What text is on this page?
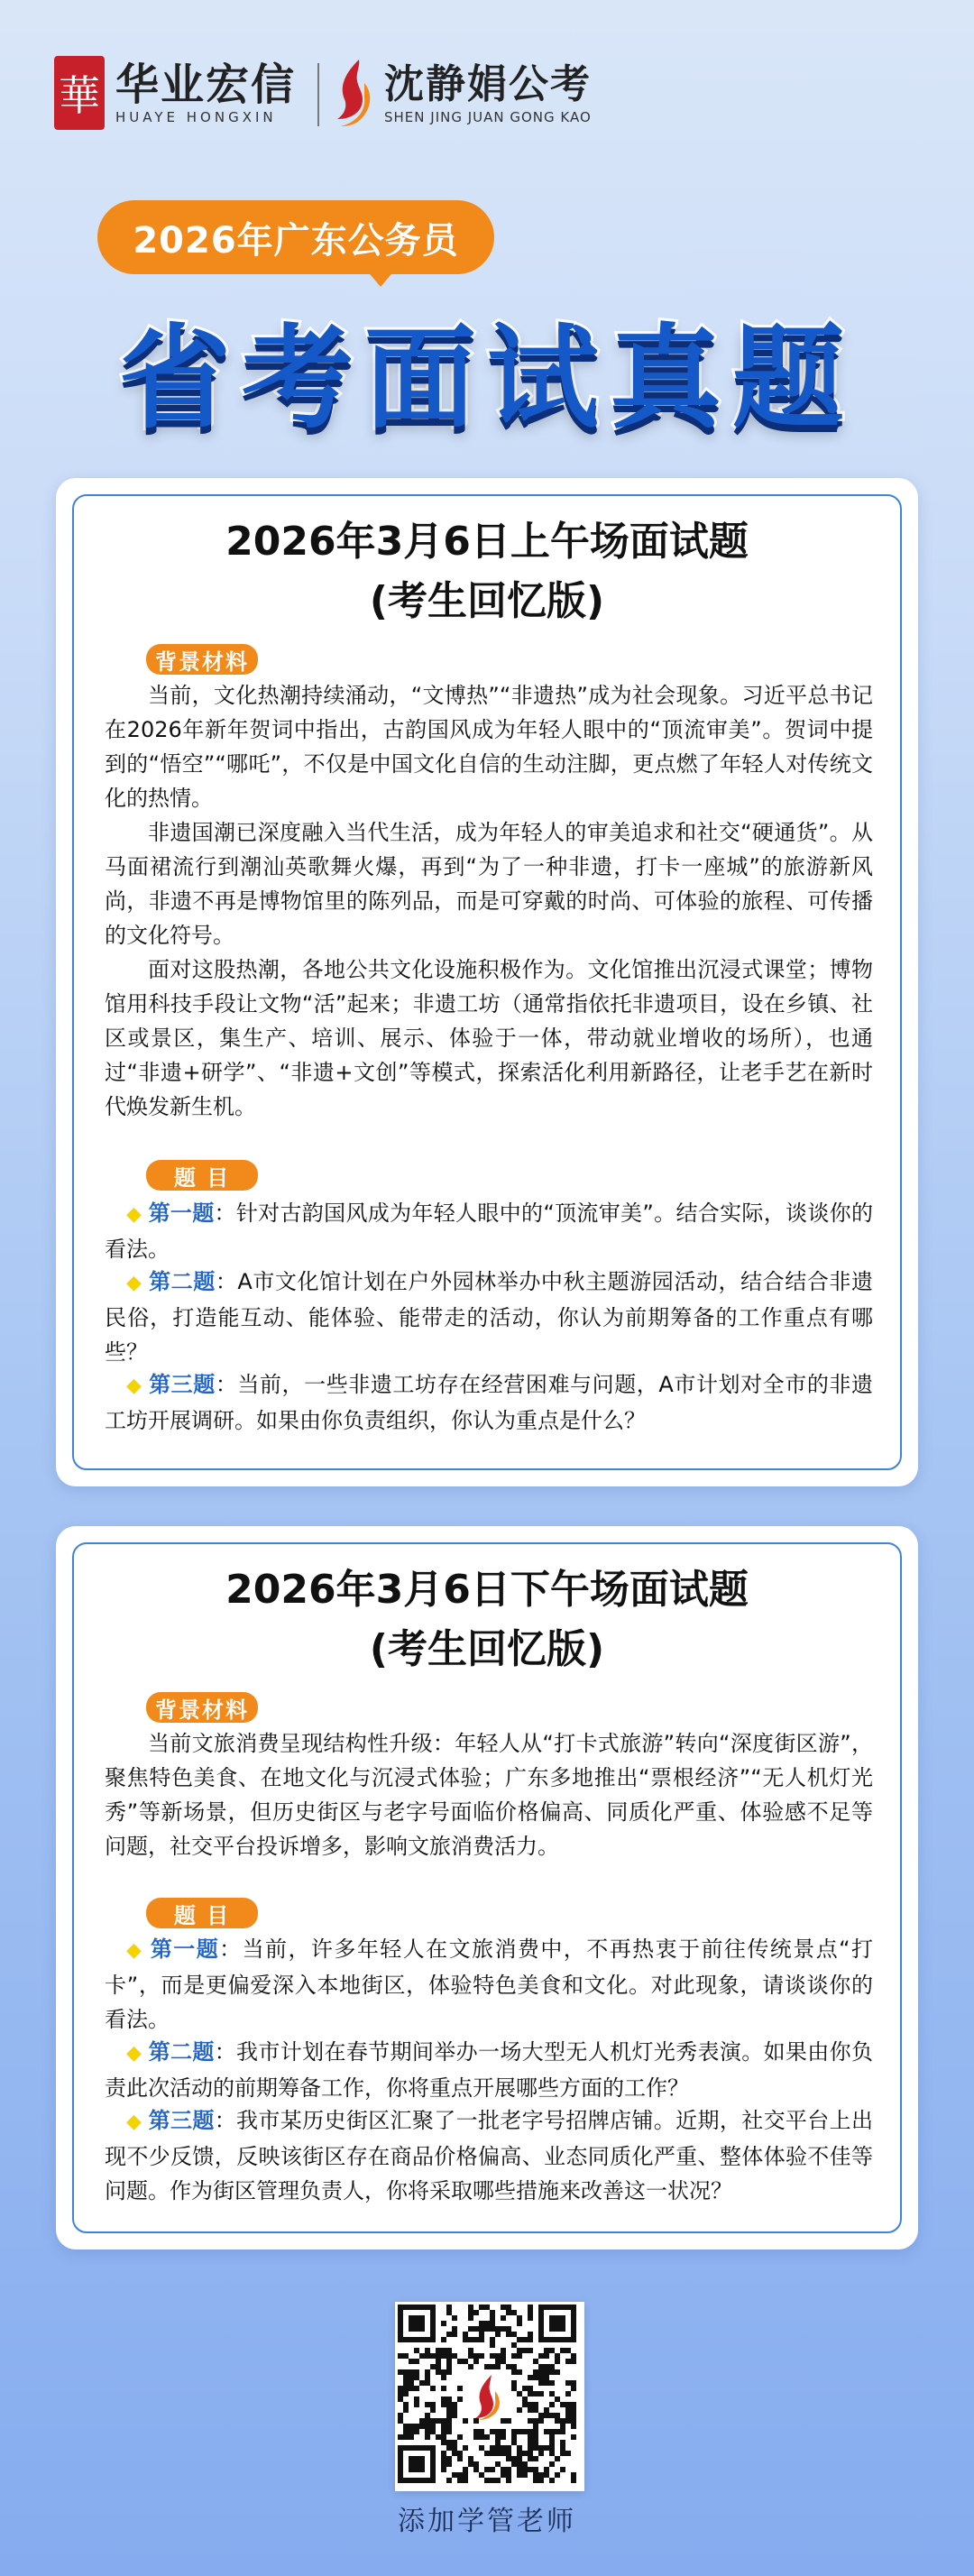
華 华业宏信
HUAYE HONGXIN
沈静娟公考
SHEN JING JUAN GONG KAO
2026年广东公务员
省考面试真题
2026年3月6日上午场面试题
(考生回忆版)
背景材料

当前，文化热潮持续涌动，“文博热”“非遗热”成为社会现象。习近平总书记在2026年新年贺词中指出，古韵国风成为年轻人眼中的“顶流审美”。贺词中提到的“悟空”“哪吒”，不仅是中国文化自信的生动注脚，更点燃了年轻人对传统文化的热情。

非遗国潮已深度融入当代生活，成为年轻人的审美追求和社交“硬通货”。从马面裙流行到潮汕英歌舞火爆，再到“为了一种非遗，打卡一座城”的旅游新风尚，非遗不再是博物馆里的陈列品，而是可穿戴的时尚、可体验的旅程、可传播的文化符号。

面对这股热潮，各地公共文化设施积极作为。文化馆推出沉浸式课堂；博物馆用科技手段让文物“活”起来；非遗工坊（通常指依托非遗项目，设在乡镇、社区或景区，集生产、培训、展示、体验于一体，带动就业增收的场所），也通过“非遗+研学”、“非遗+文创”等模式，探索活化利用新路径，让老手艺在新时代焕发新生机。

题 目

◆ 第一题：针对古韵国风成为年轻人眼中的“顶流审美”。结合实际，谈谈你的看法。

◆ 第二题：A市文化馆计划在户外园林举办中秋主题游园活动，结合结合非遗民俗，打造能互动、能体验、能带走的活动，你认为前期筹备的工作重点有哪些？

◆ 第三题：当前，一些非遗工坊存在经营困难与问题，A市计划对全市的非遗工坊开展调研。如果由你负责组织，你认为重点是什么？

2026年3月6日下午场面试题
(考生回忆版)
背景材料

当前文旅消费呈现结构性升级：年轻人从“打卡式旅游”转向“深度街区游”，聚焦特色美食、在地文化与沉浸式体验；广东多地推出“票根经济”“无人机灯光秀”等新场景，但历史街区与老字号面临价格偏高、同质化严重、体验感不足等问题，社交平台投诉增多，影响文旅消费活力。

题 目

◆ 第一题：当前，许多年轻人在文旅消费中，不再热衷于前往传统景点“打卡”，而是更偏爱深入本地街区，体验特色美食和文化。对此现象，请谈谈你的看法。

◆ 第二题：我市计划在春节期间举办一场大型无人机灯光秀表演。如果由你负责此次活动的前期筹备工作，你将重点开展哪些方面的工作？

◆ 第三题：我市某历史街区汇聚了一批老字号招牌店铺。近期，社交平台上出现不少反馈，反映该街区存在商品价格偏高、业态同质化严重、整体体验不佳等问题。作为街区管理负责人，你将采取哪些措施来改善这一状况？

添加学管老师
